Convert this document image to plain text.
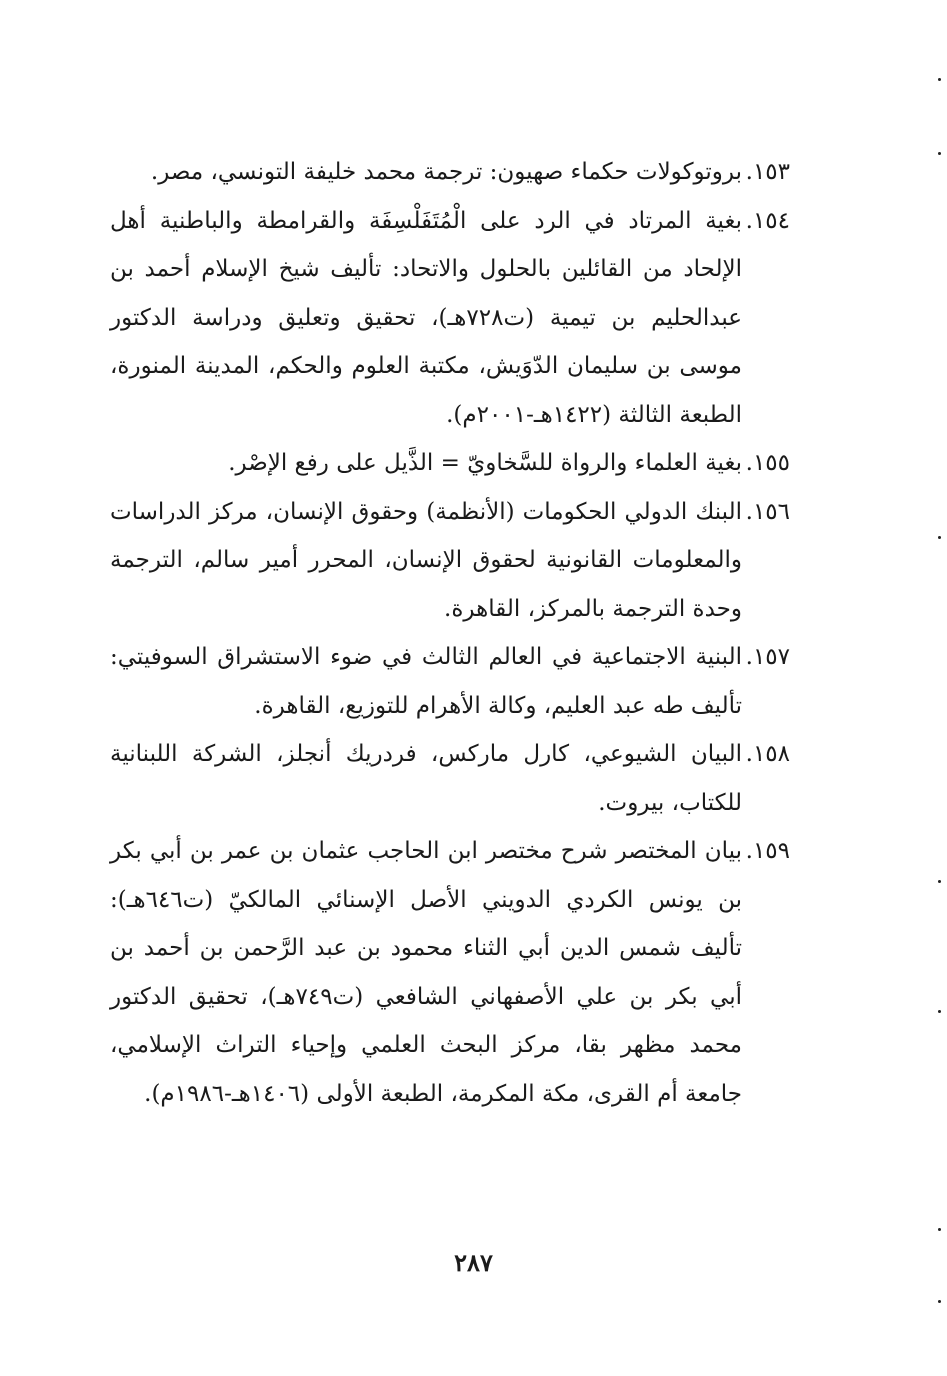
١٥٣.
بروتوكولات حكماء صهيون: ترجمة محمد خليفة التونسي، مصر.
١٥٤.
بغية المرتاد في الرد على الْمُتَفَلْسِفَة والقرامطة والباطنية أهل الإلحاد من القائلين بالحلول والاتحاد: تأليف شيخ الإسلام أحمد بن عبدالحليم بن تيمية (ت٧٢٨هـ)، تحقيق وتعليق ودراسة الدكتور موسى بن سليمان الدّوَيش، مكتبة العلوم والحكم، المدينة المنورة، الطبعة الثالثة (١٤٢٢هـ-٢٠٠١م).
١٥٥.
بغية العلماء والرواة للسَّخاويّ = الذَّيل على رفع الإصْر.
١٥٦.
البنك الدولي الحكومات (الأنظمة) وحقوق الإنسان، مركز الدراسات والمعلومات القانونية لحقوق الإنسان، المحرر أمير سالم، الترجمة وحدة الترجمة بالمركز، القاهرة.
١٥٧.
البنية الاجتماعية في العالم الثالث في ضوء الاستشراق السوفيتي: تأليف طه عبد العليم، وكالة الأهرام للتوزيع، القاهرة.
١٥٨.
البيان الشيوعي، كارل ماركس، فردريك أنجلز، الشركة اللبنانية للكتاب، بيروت.
١٥٩.
بيان المختصر شرح مختصر ابن الحاجب عثمان بن عمر بن أبي بكر بن يونس الكردي الدويني الأصل الإسنائي المالكيّ (ت٦٤٦هـ): تأليف شمس الدين أبي الثناء محمود بن عبد الرَّحمن بن أحمد بن أبي بكر بن علي الأصفهاني الشافعي (ت٧٤٩هـ)، تحقيق الدكتور محمد مظهر بقا، مركز البحث العلمي وإحياء التراث الإسلامي، جامعة أم القرى، مكة المكرمة، الطبعة الأولى (١٤٠٦هـ-١٩٨٦م).
٢٨٧
